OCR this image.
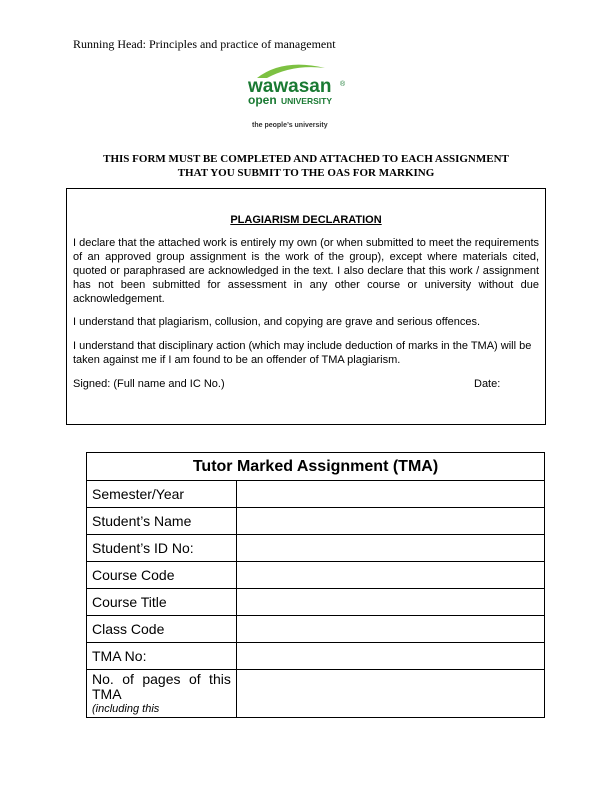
Running Head: Principles and practice of management
wawasan ®
open UNIVERSITY
the people’s university
THIS FORM MUST BE COMPLETED AND ATTACHED TO EACH ASSIGNMENT
THAT YOU SUBMIT TO THE OAS FOR MARKING
PLAGIARISM DECLARATION

I declare that the attached work is entirely my own (or when submitted to meet the requirements of an approved group assignment is the work of the group), except where materials cited, quoted or paraphrased are acknowledged in the text. I also declare that this work / assignment has not been submitted for assessment in any other course or university without due acknowledgement.

I understand that plagiarism, collusion, and copying are grave and serious offences.

I understand that disciplinary action (which may include deduction of marks in the TMA) will be taken against me if I am found to be an offender of TMA plagiarism.

Signed: (Full name and IC No.)	Date:
Tutor Marked Assignment (TMA)	
Semester/Year	
Student’s Name	
Student’s ID No:	
Course Code	
Course Title	
Class Code	
TMA No:	

No. of pages of this TMA
(including this	
